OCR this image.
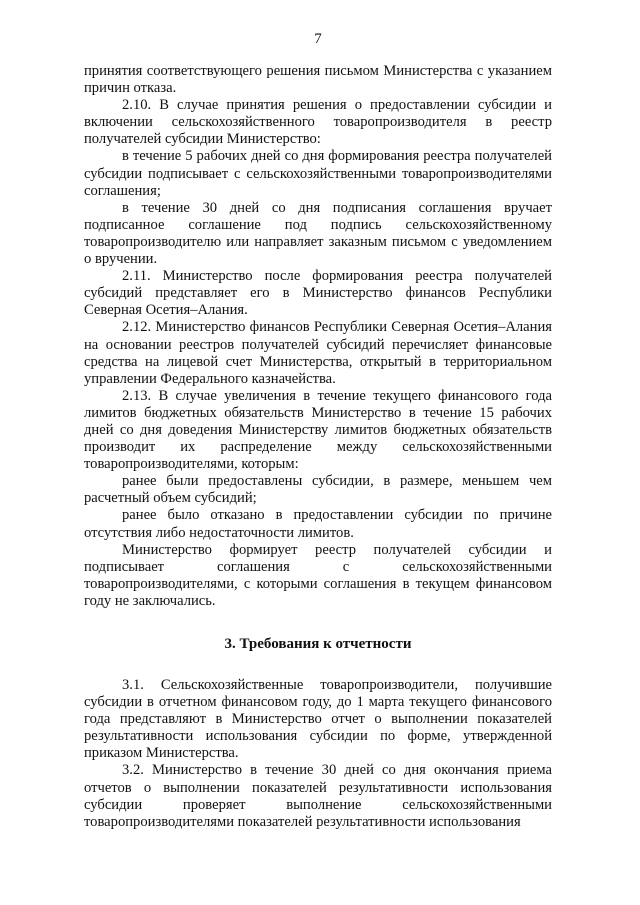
7

принятия соответствующего решения письмом Министерства с указанием причин отказа.

2.10. В случае принятия решения о предоставлении субсидии и включении сельскохозяйственного товаропроизводителя в реестр получателей субсидии Министерство:

в течение 5 рабочих дней со дня формирования реестра получателей субсидии подписывает с сельскохозяйственными товаропроизводителями соглашения;

в течение 30 дней со дня подписания соглашения вручает подписанное соглашение под подпись сельскохозяйственному товаропроизводителю или направляет заказным письмом с уведомлением о вручении.

2.11. Министерство после формирования реестра получателей субсидий представляет его в Министерство финансов Республики Северная Осетия–Алания.

2.12. Министерство финансов Республики Северная Осетия–Алания на основании реестров получателей субсидий перечисляет финансовые средства на лицевой счет Министерства, открытый в территориальном управлении Федерального казначейства.

2.13. В случае увеличения в течение текущего финансового года лимитов бюджетных обязательств Министерство в течение 15 рабочих дней со дня доведения Министерству лимитов бюджетных обязательств производит их распределение между сельскохозяйственными товаропроизводителями, которым:

ранее были предоставлены субсидии, в размере, меньшем чем расчетный объем субсидий;

ранее было отказано в предоставлении субсидии по причине отсутствия либо недостаточности лимитов.

Министерство формирует реестр получателей субсидии и подписывает соглашения с сельскохозяйственными товаропроизводителями, с которыми соглашения в текущем финансовом году не заключались.

3. Требования к отчетности

3.1. Сельскохозяйственные товаропроизводители, получившие субсидии в отчетном финансовом году, до 1 марта текущего финансового года представляют в Министерство отчет о выполнении показателей результативности использования субсидии по форме, утвержденной приказом Министерства.

3.2. Министерство в течение 30 дней со дня окончания приема отчетов о выполнении показателей результативности использования субсидии проверяет выполнение сельскохозяйственными товаропроизводителями показателей результативности использования
